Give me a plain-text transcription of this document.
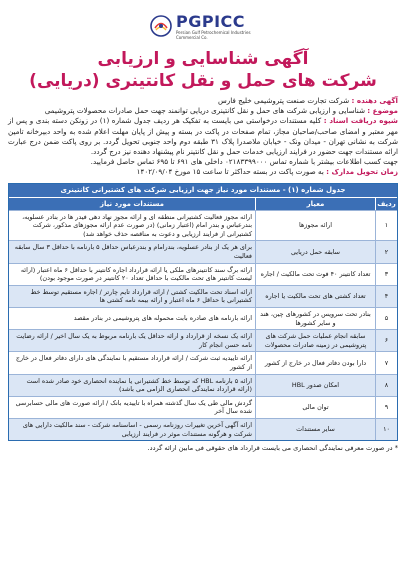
PGPICC
Persian Gulf Petrochemical Industries Commercial Co.
آگهی شناسایی و ارزیابی
شرکت های حمل و نقل کانتینری (دریایی)

آگهی دهنده : شرکت تجارت صنعت پتروشیمی خلیج فارس

موضوع : شناسایی و ارزیابی شرکت های حمل و نقل کانتینری دریایی توانمند جهت حمل صادرات محصولات پتروشیمی

شیوه دریافت اسناد : کلیه مستندات درخواستی می بایست به تفکیک هر ردیف جدول شماره (۱) در زونکن دسته بندی و پس از مهر معتبر و امضای صاحب/صاحبان مجاز، تمام صفحات در پاکت در بسته و پیش از پایان مهلت اعلام شده به واحد دبیرخانه تامین شرکت به نشانی تهران - میدان ونک - خیابان ملاصدرا پلاک ۳۱ طبقه دوم واحد جنوبی تحویل گردد. بر روی پاکت ضمن درج عبارت ارائه مستندات جهت حضور در فرایند ارزیابی خدمات حمل و نقل کانتینر نام پیشنهاد دهنده نیز درج گردد.

جهت کسب اطلاعات بیشتر با شماره تماس ۰۲۱۸۳۳۹۹۰۰۰ داخلی های ۶۹۱ تا ۶۹۵ تماس حاصل فرمایید.

زمان تحویل مدارک : به صورت پاکت در بسته حداکثر تا ساعت ۱۵ مورخ ۱۴۰۲/۰۹/۰۴

جدول شماره (۱) - مستندات مورد نیاز جهت ارزیابی شرکت های کشتیرانی کانتینری
ردیف
معیار
مستندات مورد نیاز
۱
ارائه مجوزها
ارائه مجوز فعالیت کشتیرانی منطقه ای و ارائه مجوز نهاد دهی فیدر ها در بنادر عسلویه، بندرعباس و بندر امام (اعتبار زمانی) (در صورت عدم ارائه مجوزهای مذکور، شرکت کشتیرانی از فرایند ارزیابی و دعوت به مناقصه حذف خواهد شد)
۲
سابقه حمل دریایی
برای هر یک از بنادر عسلویه، بندرامام و بندرعباس حداقل ۵ بارنامه با حداقل ۳ سال سابقه فعالیت
۳
تعداد کانتینر ۴۰ فوت تحت مالکیت / اجاره
ارائه برگ سند کانتینرهای ملکی یا ارائه قرارداد اجاره کانتینر با حداقل ۶ ماه اعتبار (ارائه لیست کانتینر های تحت مالکیت با حداقل تعداد ۲۰ کانتینر در صورت موجود بودن)
۴
تعداد کشتی های تحت مالکیت یا اجاره
ارائه اسناد تحت مالکیت کشتی / ارائه قرارداد تایم چارتر / اجاره مستقیم توسط خط کشتیرانی با حداقل ۶ ماه اعتبار و ارائه بیمه نامه کشتی ها
۵
بنادر تحت سرویس در کشورهای چین، هند و سایر کشورها
ارائه بارنامه های صادره بابت محموله های پتروشیمی در بنادر مقصد
۶
سابقه انجام عملیات حمل شرکت های پتروشیمی در زمینه صادرات محصولات
ارائه یک نسخه از قرارداد و ارائه حداقل یک بارنامه مربوط به یک سال اخیر / ارائه رضایت نامه حسن انجام کار
۷
دارا بودن دفاتر فعال در خارج از کشور
ارائه تاییدیه ثبت شرکت / ارائه قرارداد مستقیم با نمایندگی های دارای دفاتر فعال در خارج از کشور
۸
امکان صدور HBL
ارائه ۵ بارنامه HBL که توسط خط کشتیرانی یا نماینده انحصاری خود صادر شده است (ارائه قرارداد نمایندگی انحصاری الزامی می باشد)
۹
توان مالی
گردش مالی طی یک سال گذشته همراه با تاییدیه بانک / ارائه صورت های مالی حسابرسی شده سال آخر
۱۰
سایر مستندات
ارائه آگهی آخرین تغییرات روزنامه رسمی - اساسنامه شرکت - سند مالکیت دارایی های شرکت و هرگونه مستندات موثر در فرایند ارزیابی
* در صورت معرفی نمایندگی انحصاری می بایست قرارداد های حقوقی فی مابین ارائه گردد.
